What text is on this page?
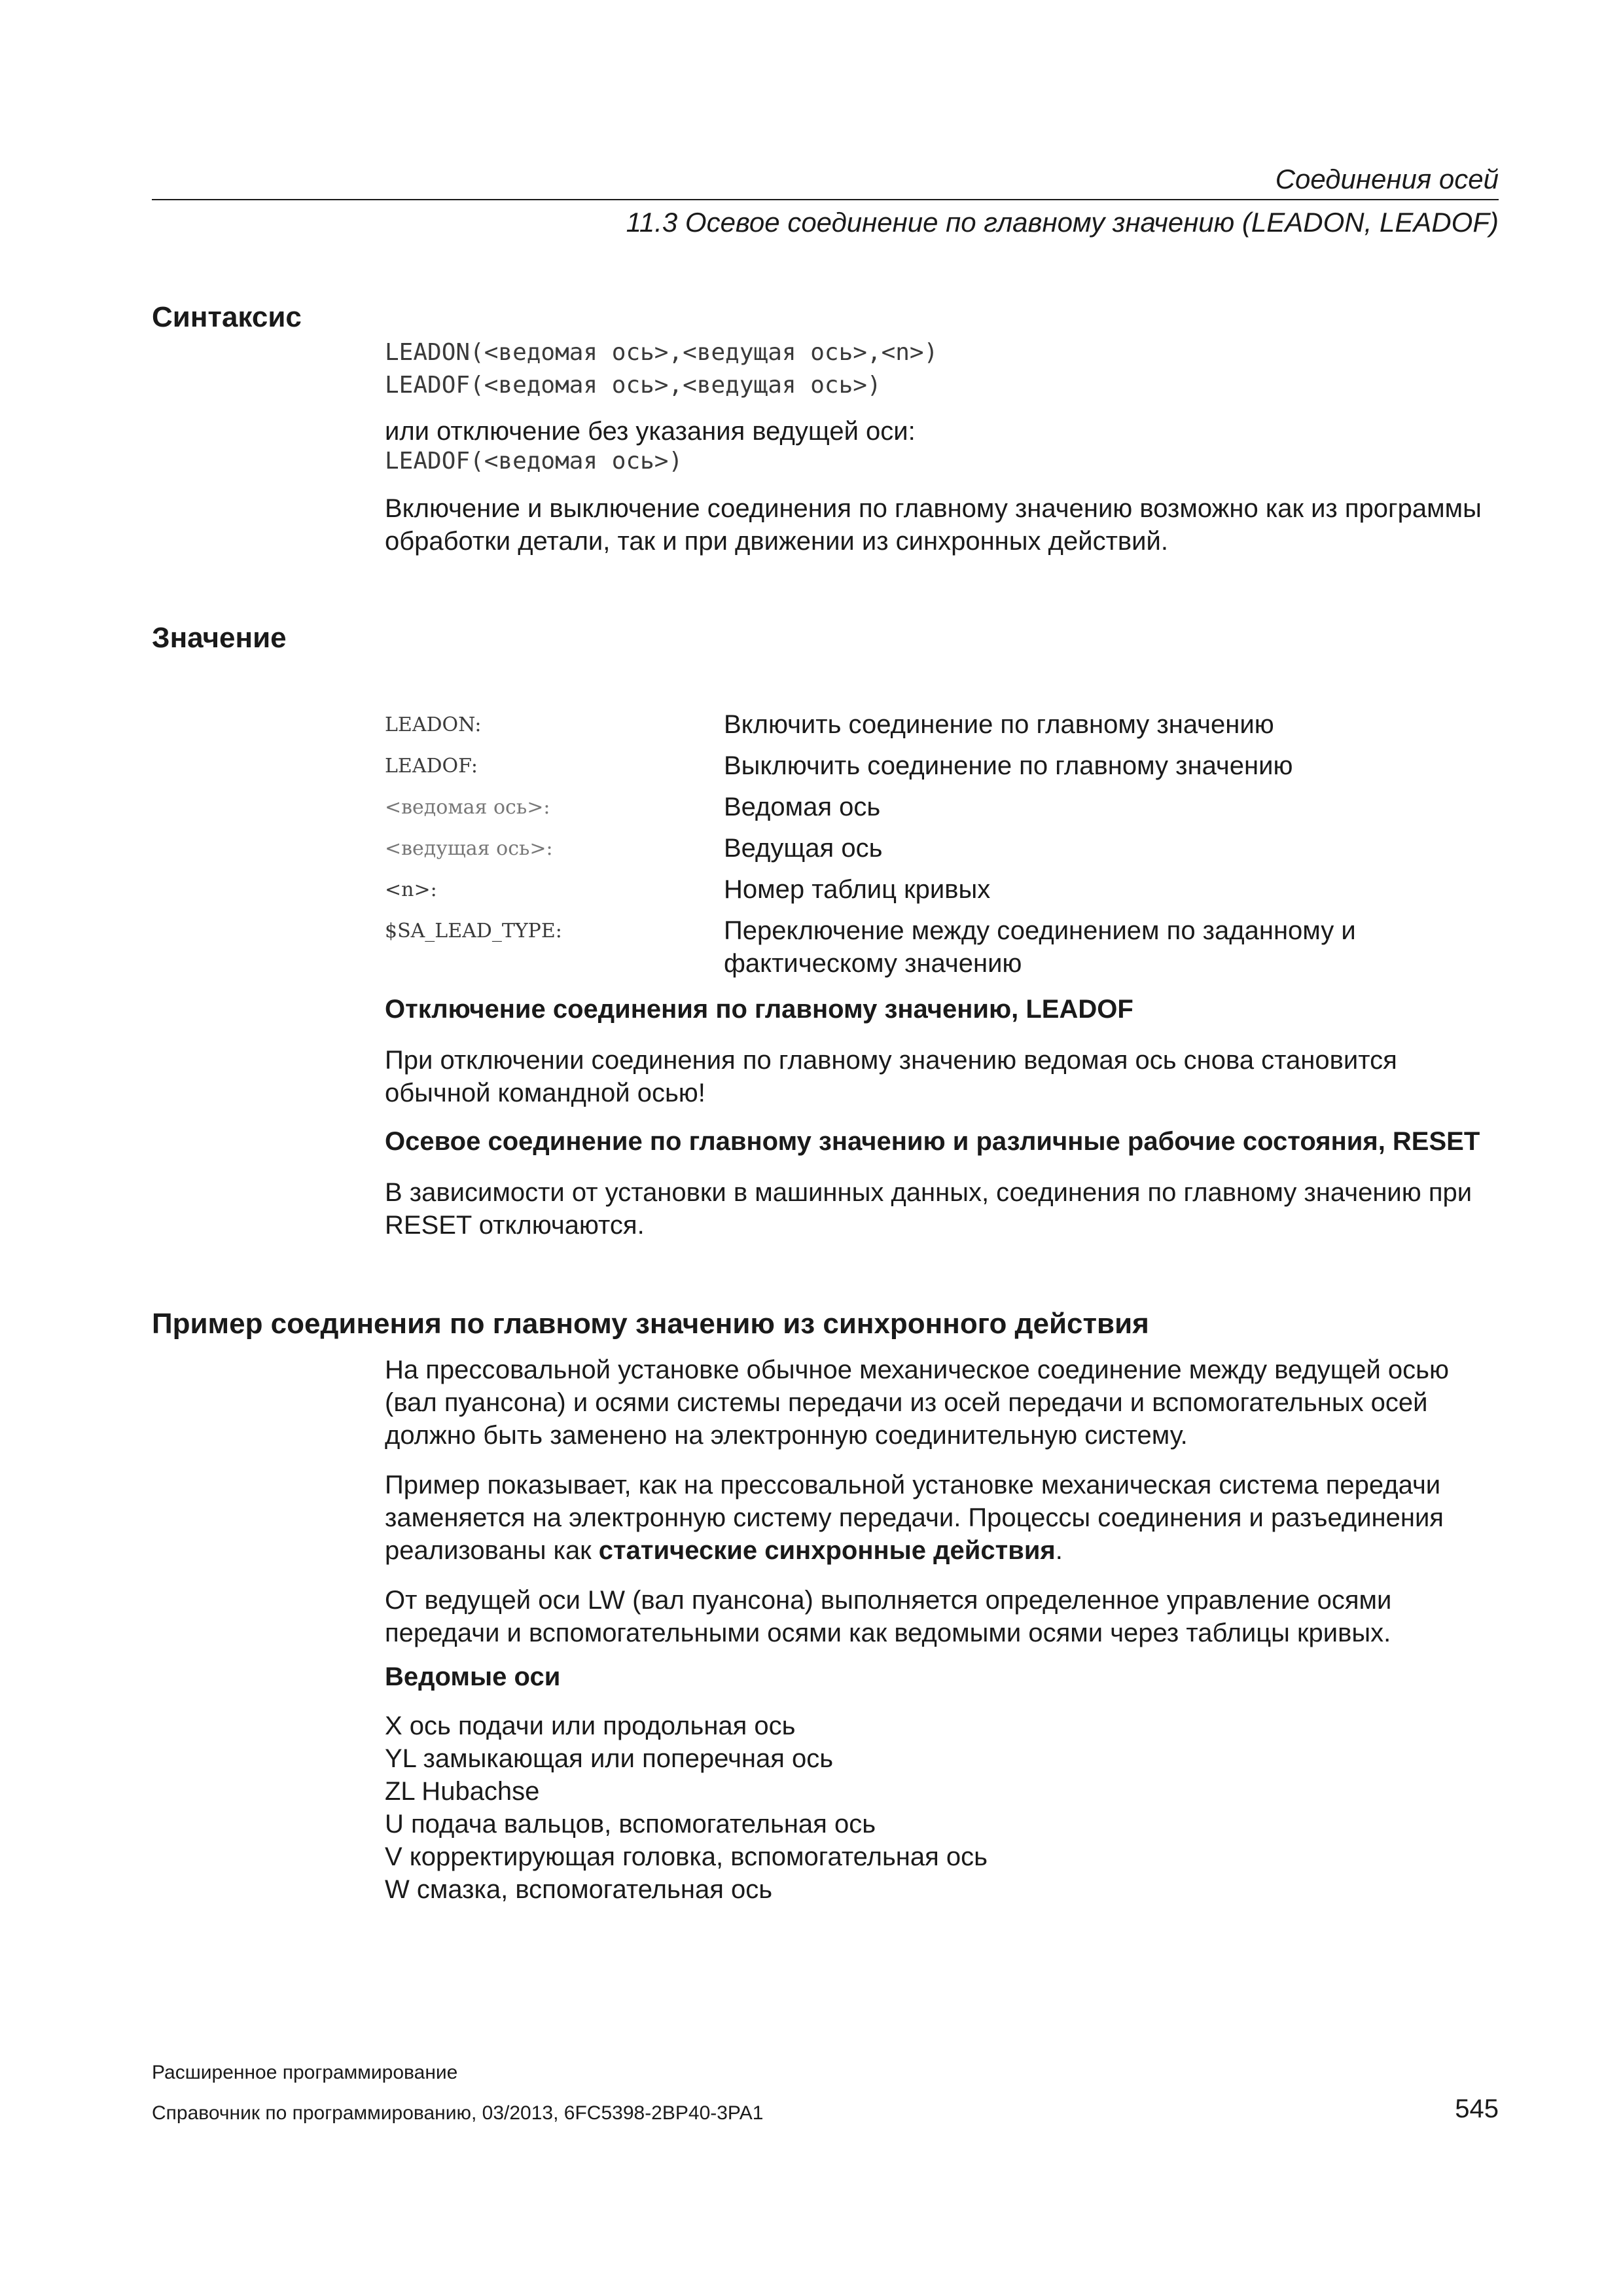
Соединения осей
11.3 Осевое соединение по главному значению (LEADON, LEADOF)
Синтаксис
LEADON(<ведомая ось>,<ведущая ось>,<n>)
LEADOF(<ведомая ось>,<ведущая ось>)
или отключение без указания ведущей оси:
LEADOF(<ведомая ось>)
Включение и выключение соединения по главному значению возможно как из программы обработки детали, так и при движении из синхронных действий.
Значение
LEADON:	Включить соединение по главному значению
LEADOF:	Выключить соединение по главному значению
<ведомая ось>:	Ведомая ось
<ведущая ось>:	Ведущая ось
<n>:	Номер таблиц кривых
$SA_LEAD_TYPE:	Переключение между соединением по заданному и фактическому значению
Отключение соединения по главному значению, LEADOF
При отключении соединения по главному значению ведомая ось снова становится обычной командной осью!
Осевое соединение по главному значению и различные рабочие состояния, RESET
В зависимости от установки в машинных данных, соединения по главному значению при RESET отключаются.
Пример соединения по главному значению из синхронного действия
На прессовальной установке обычное механическое соединение между ведущей осью (вал пуансона) и осями системы передачи из осей передачи и вспомогательных осей должно быть заменено на электронную соединительную систему.
Пример показывает, как на прессовальной установке механическая система передачи заменяется на электронную систему передачи. Процессы соединения и разъединения реализованы как статические синхронные действия.
От ведущей оси LW (вал пуансона) выполняется определенное управление осями передачи и вспомогательными осями как ведомыми осями через таблицы кривых.
Ведомые оси
X ось подачи или продольная ось
YL замыкающая или поперечная ось
ZL Hubachse
U подача вальцов, вспомогательная ось
V корректирующая головка, вспомогательная ось
W смазка, вспомогательная ось
Расширенное программирование
Справочник по программированию, 03/2013, 6FC5398-2BP40-3PA1	545
